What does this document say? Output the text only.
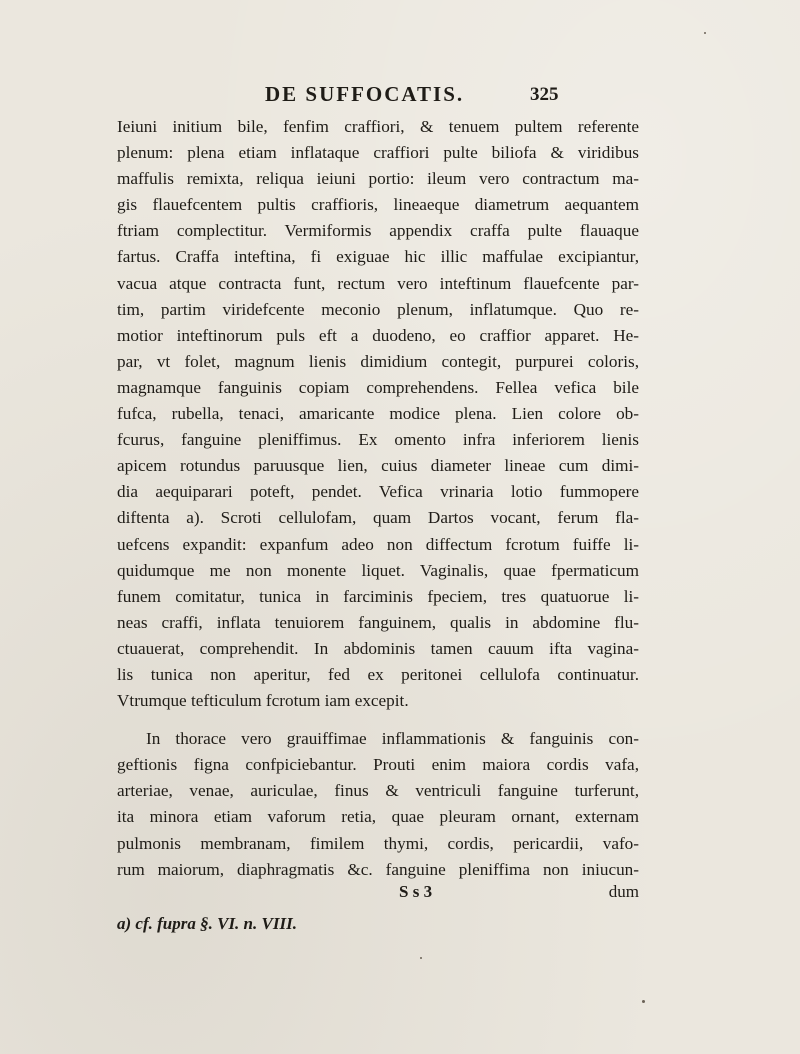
DE SUFFOCATIS.	325
Ieiuni initium bile, fenfim craffiori, & tenuem pultem referente
plenum: plena etiam inflataque craffiori pulte biliofa & viridibus
maffulis remixta, reliqua ieiuni portio: ileum vero contractum ma-
gis flauefcentem pultis craffioris, lineaeque diametrum aequantem
ftriam complectitur. Vermiformis appendix craffa pulte flauaque
fartus. Craffa inteftina, fi exiguae hic illic maffulae excipiantur,
vacua atque contracta funt, rectum vero inteftinum flauefcente par-
tim, partim viridefcente meconio plenum, inflatumque. Quo re-
motior inteftinorum puls eft a duodeno, eo craffior apparet. He-
par, vt folet, magnum lienis dimidium contegit, purpurei coloris,
magnamque fanguinis copiam comprehendens. Fellea vefica bile
fufca, rubella, tenaci, amaricante modice plena. Lien colore ob-
fcurus, fanguine pleniffimus. Ex omento infra inferiorem lienis
apicem rotundus paruusque lien, cuius diameter lineae cum dimi-
dia aequiparari poteft, pendet. Vefica vrinaria lotio fummopere
diftenta a). Scroti cellulofam, quam Dartos vocant, ferum fla-
uefcens expandit: expanfum adeo non diffectum fcrotum fuiffe li-
quidumque me non monente liquet. Vaginalis, quae fpermaticum
funem comitatur, tunica in farciminis fpeciem, tres quatuorue li-
neas craffi, inflata tenuiorem fanguinem, qualis in abdomine flu-
ctuauerat, comprehendit. In abdominis tamen cauum ifta vagina-
lis tunica non aperitur, fed ex peritonei cellulofa continuatur.
Vtrumque tefticulum fcrotum iam excepit.
In thorace vero grauiffimae inflammationis & fanguinis con-
geftionis figna confpiciebantur. Prouti enim maiora cordis vafa,
arteriae, venae, auriculae, finus & ventriculi fanguine turferunt,
ita minora etiam vaforum retia, quae pleuram ornant, externam
pulmonis membranam, fimilem thymi, cordis, pericardii, vafo-
rum maiorum, diaphragmatis &c. fanguine pleniffima non iniucun-
S s 3	dum
a) cf. fupra §. VI. n. VIII.
